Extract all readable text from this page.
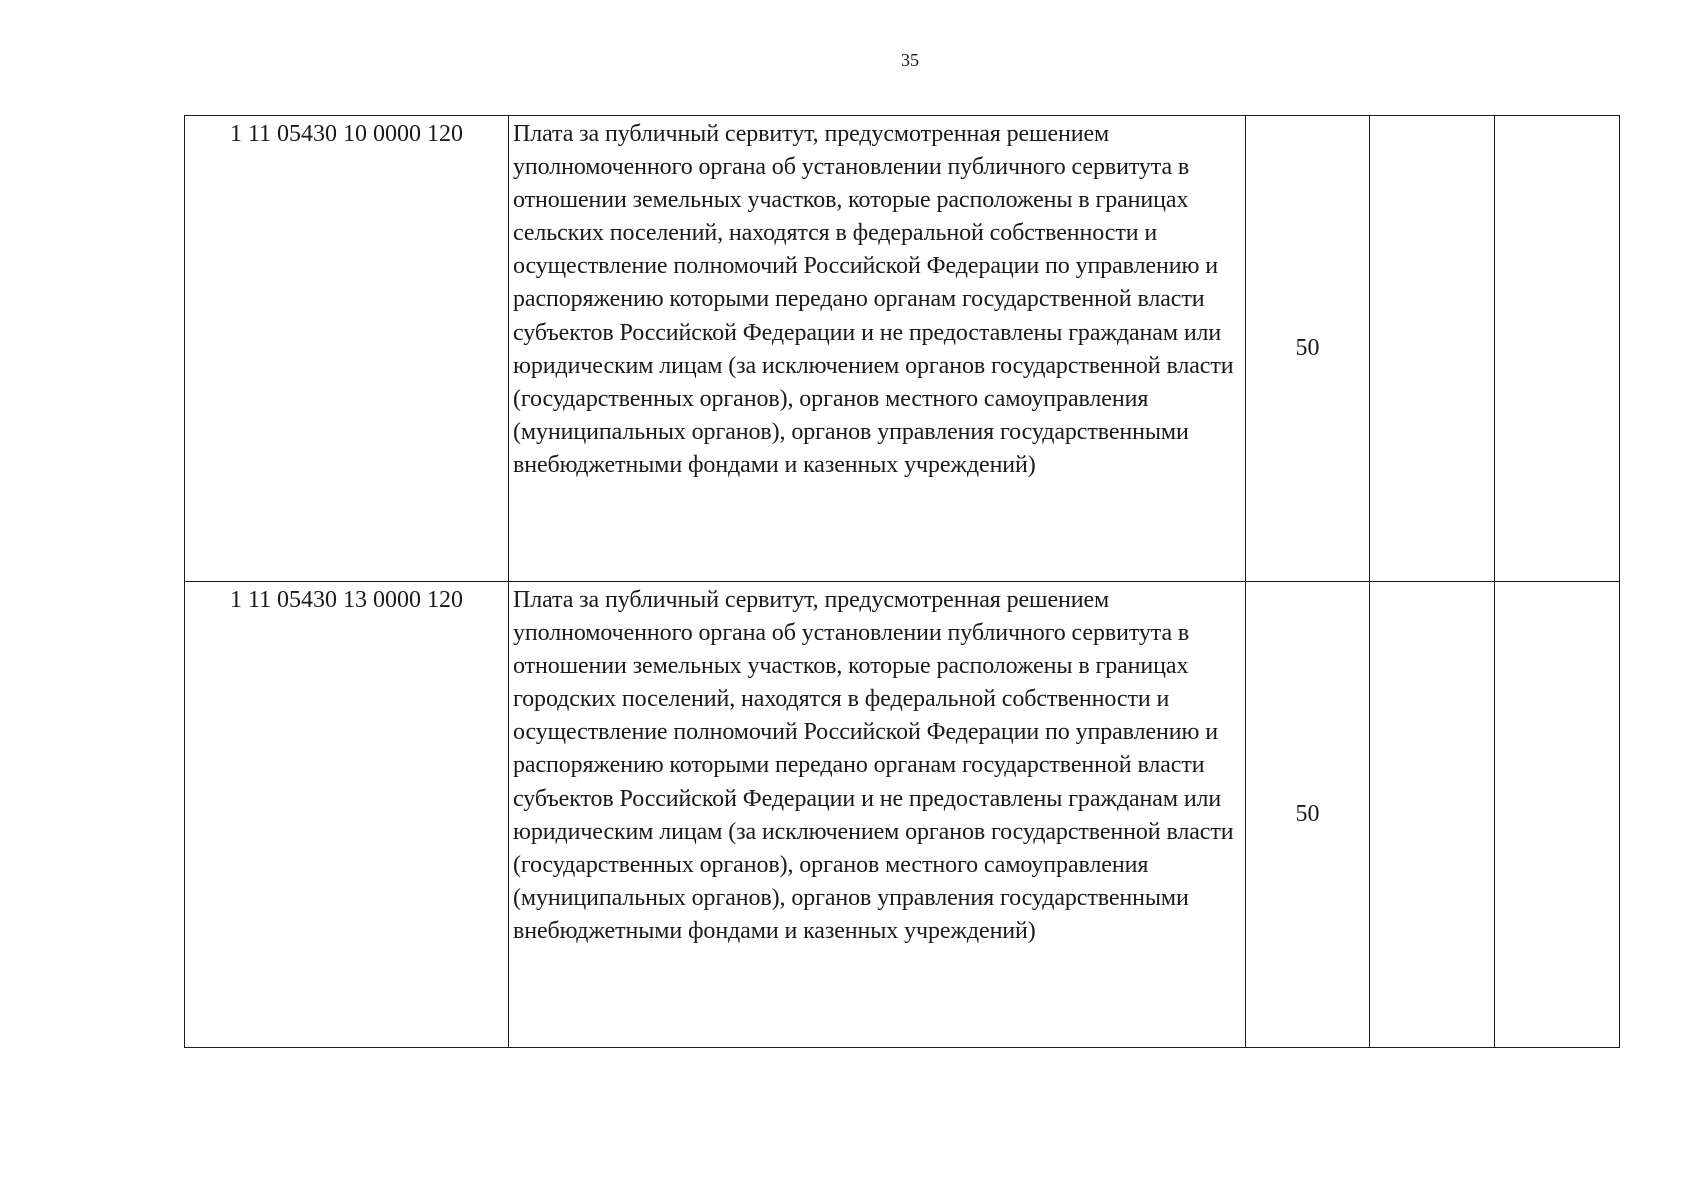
35
1 11 05430 10 0000 120	Плата за публичный сервитут, предусмотренная решением уполномоченного органа об установлении публичного сервитута в отношении земельных участков, которые расположены в границах сельских поселений, находятся в федеральной собственности и осуществление полномочий Российской Федерации по управлению и распоряжению которыми передано органам государственной власти субъектов Российской Федерации и не предоставлены гражданам или юридическим лицам (за исключением органов государственной власти (государственных органов), органов местного самоуправления (муниципальных органов), органов управления государственными внебюджетными фондами и казенных учреждений)	50		
1 11 05430 13 0000 120	Плата за публичный сервитут, предусмотренная решением уполномоченного органа об установлении публичного сервитута в отношении земельных участков, которые расположены в границах городских поселений, находятся в федеральной собственности и осуществление полномочий Российской Федерации по управлению и распоряжению которыми передано органам государственной власти субъектов Российской Федерации и не предоставлены гражданам или юридическим лицам (за исключением органов государственной власти (государственных органов), органов местного самоуправления (муниципальных органов), органов управления государственными внебюджетными фондами и казенных учреждений)	50		
